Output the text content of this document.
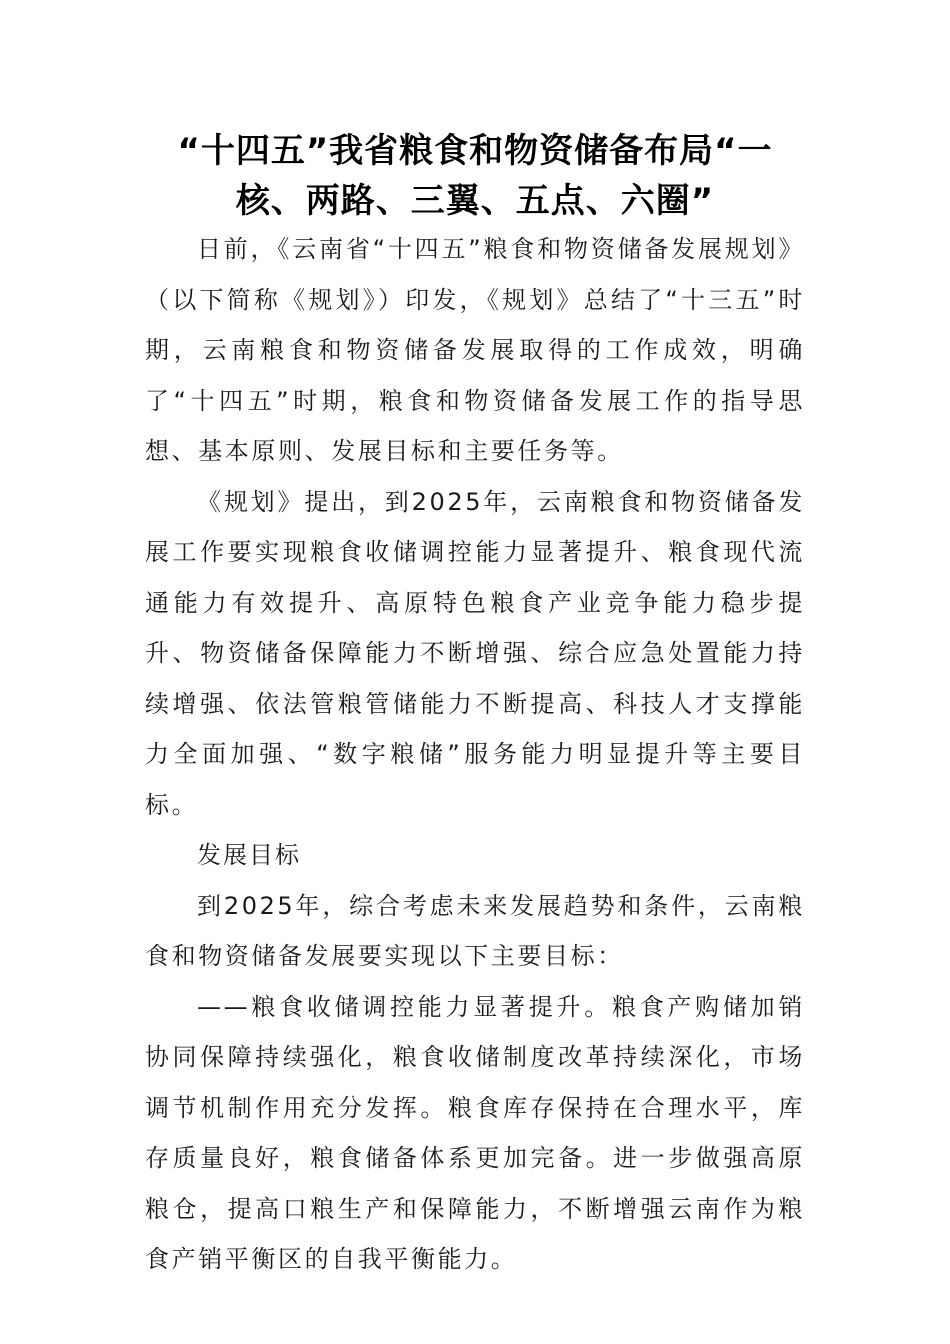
“十四五”我省粮食和物资储备布局“一
核、两路、三翼、五点、六圈”

日前，《云南省“十四五”粮食和物资储备发展规划》（以下简称《规划》）印发，《规划》总结了“十三五”时期，云南粮食和物资储备发展取得的工作成效，明确了“十四五”时期，粮食和物资储备发展工作的指导思想、基本原则、发展目标和主要任务等。

《规划》提出，到2025年，云南粮食和物资储备发展工作要实现粮食收储调控能力显著提升、粮食现代流通能力有效提升、高原特色粮食产业竞争能力稳步提升、物资储备保障能力不断增强、综合应急处置能力持续增强、依法管粮管储能力不断提高、科技人才支撑能力全面加强、“数字粮储”服务能力明显提升等主要目标。

发展目标

到2025年，综合考虑未来发展趋势和条件，云南粮食和物资储备发展要实现以下主要目标：

——粮食收储调控能力显著提升。粮食产购储加销协同保障持续强化，粮食收储制度改革持续深化，市场调节机制作用充分发挥。粮食库存保持在合理水平，库存质量良好，粮食储备体系更加完备。进一步做强高原粮仓，提高口粮生产和保障能力，不断增强云南作为粮食产销平衡区的自我平衡能力。
